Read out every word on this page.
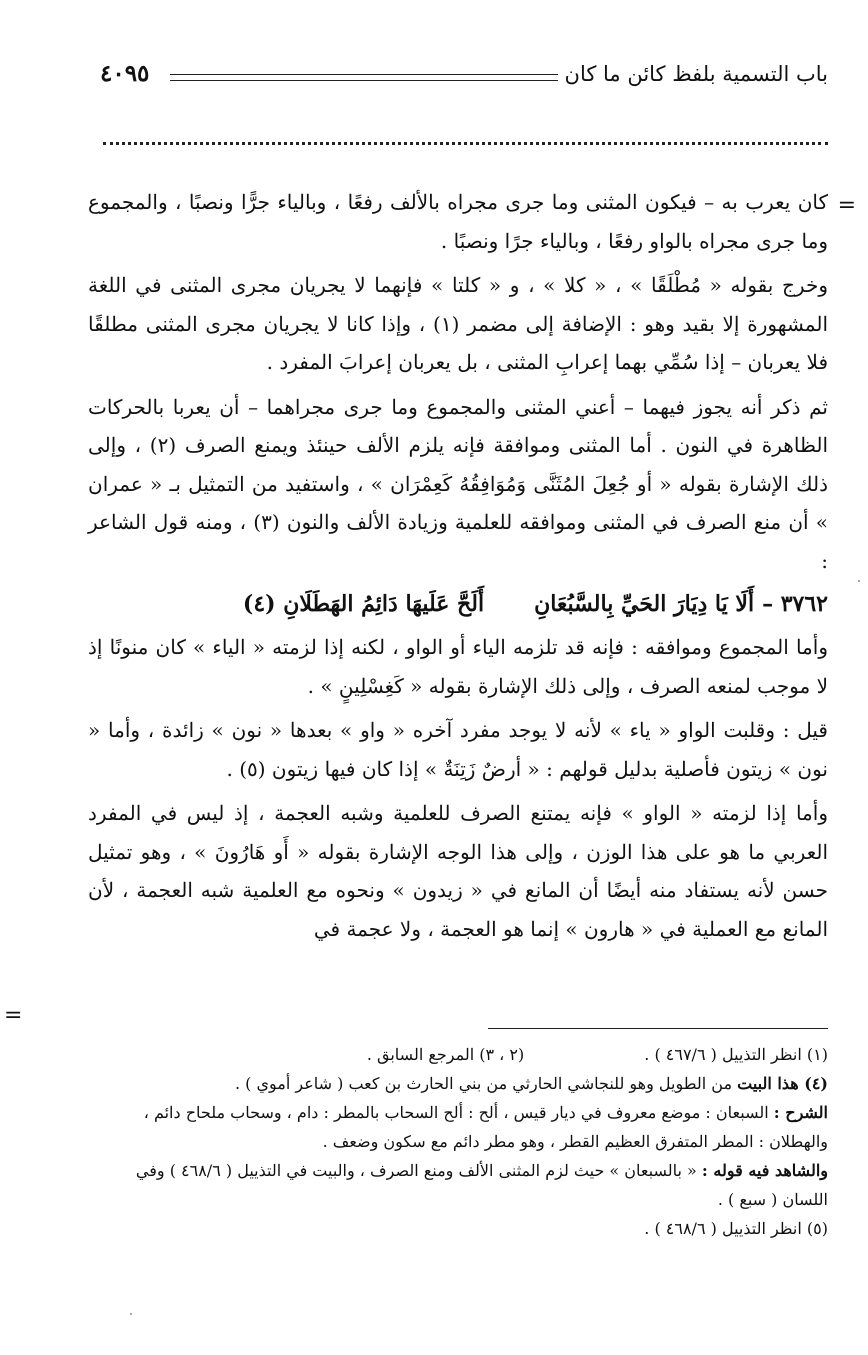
باب التسمية بلفظ كائن ما كان
٤٠٩٥
=
=

كان يعرب به – فيكون المثنى وما جرى مجراه بالألف رفعًا ، وبالياء جرًّا ونصبًا ، والمجموع وما جرى مجراه بالواو رفعًا ، وبالياء جرًا ونصبًا .

وخرج بقوله « مُطْلَقًا » ، « كلا » ، و « كلتا » فإنهما لا يجريان مجرى المثنى في اللغة المشهورة إلا بقيد وهو : الإضافة إلى مضمر (١) ، وإذا كانا لا يجريان مجرى المثنى مطلقًا فلا يعربان – إذا سُمِّي بهما إعرابِ المثنى ، بل يعربان إعرابَ المفرد .

ثم ذكر أنه يجوز فيهما – أعني المثنى والمجموع وما جرى مجراهما – أن يعربا بالحركات الظاهرة في النون . أما المثنى وموافقة فإنه يلزم الألف حينئذ ويمنع الصرف (٢) ، وإلى ذلك الإشارة بقوله « أو جُعِلَ المُثَنَّى وَمُوَافِقُهُ كَعِمْرَان » ، واستفيد من التمثيل بـ « عمران » أن منع الصرف في المثنى وموافقه للعلمية وزيادة الألف والنون (٣) ، ومنه قول الشاعر :

٣٧٦٢ –
أَلَا يَا دِيَارَ الحَيِّ بِالسَّبُعَانِ
أَلَحَّ عَلَيهَا دَائِمُ الهَطَلَانِ (٤)

وأما المجموع وموافقه : فإنه قد تلزمه الياء أو الواو ، لكنه إذا لزمته « الياء » كان منونًا إذ لا موجب لمنعه الصرف ، وإلى ذلك الإشارة بقوله « كَغِسْلِينٍ » .

قيل : وقلبت الواو « ياء » لأنه لا يوجد مفرد آخره « واو » بعدها « نون » زائدة ، وأما « نون » زيتون فأصلية بدليل قولهم : « أرضٌ زَتِنَةٌ » إذا كان فيها زيتون (٥) .

وأما إذا لزمته « الواو » فإنه يمتنع الصرف للعلمية وشبه العجمة ، إذ ليس في المفرد العربي ما هو على هذا الوزن ، وإلى هذا الوجه الإشارة بقوله « أَو هَارُونَ » ، وهو تمثيل حسن لأنه يستفاد منه أيضًا أن المانع في « زيدون » ونحوه مع العلمية شبه العجمة ، لأن المانع مع العملية في « هارون » إنما هو العجمة ، ولا عجمة في

(١) انظر التذييل ( ٤٦٧/٦ ) .
(٢ ، ٣) المرجع السابق .

(٤) هذا البيت من الطويل وهو للنجاشي الحارثي من بني الحارث بن كعب ( شاعر أموي ) .

الشرح : السبعان : موضع معروف في ديار قيس ، ألح : ألح السحاب بالمطر : دام ، وسحاب ملحاح دائم ، والهطلان : المطر المتفرق العظيم القطر ، وهو مطر دائم مع سكون وضعف .

والشاهد فيه قوله : « بالسبعان » حيث لزم المثنى الألف ومنع الصرف ، والبيت في التذييل ( ٤٦٨/٦ ) وفي اللسان ( سبع ) .

(٥) انظر التذييل ( ٤٦٨/٦ ) .
